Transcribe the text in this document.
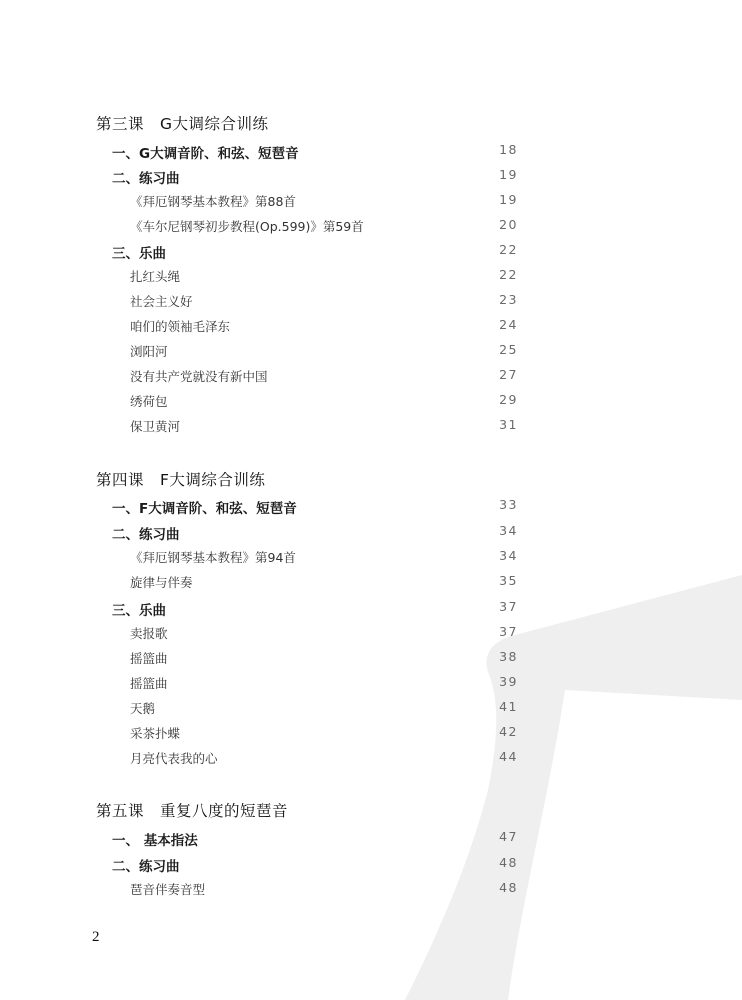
第三课　G大调综合训练
一、G大调音阶、和弦、短琶音	18
二、练习曲	19
《拜厄钢琴基本教程》第88首	19
《车尔尼钢琴初步教程(Op.599)》第59首	20
三、乐曲	22
扎红头绳	22
社会主义好	23
咱们的领袖毛泽东	24
浏阳河	25
没有共产党就没有新中国	27
绣荷包	29
保卫黄河	31
第四课　F大调综合训练
一、F大调音阶、和弦、短琶音	33
二、练习曲	34
《拜厄钢琴基本教程》第94首	34
旋律与伴奏	35
三、乐曲	37
卖报歌	37
摇篮曲	38
摇篮曲	39
天鹅	41
采茶扑蝶	42
月亮代表我的心	44
第五课　重复八度的短琶音
一、 基本指法	47
二、练习曲	48
琶音伴奏音型	48
2
